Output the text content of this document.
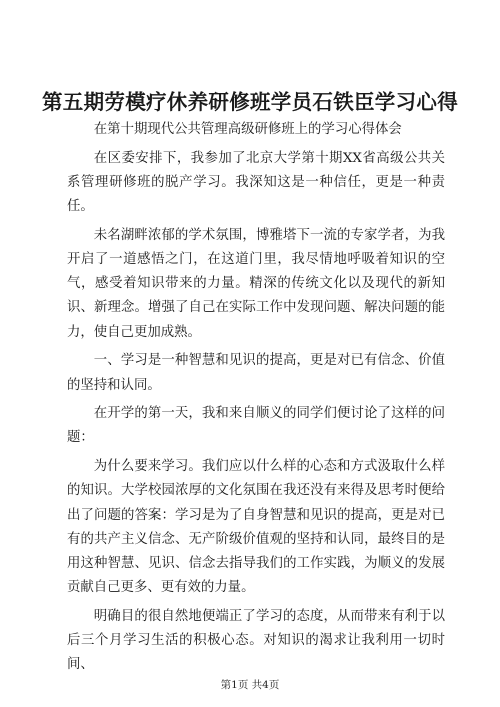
第五期劳模疗休养研修班学员石铁臣学习心得

在第十期现代公共管理高级研修班上的学习心得体会

在区委安排下，我参加了北京大学第十期XX省高级公共关系管理研修班的脱产学习。我深知这是一种信任，更是一种责任。

未名湖畔浓郁的学术氛围，博雅塔下一流的专家学者，为我开启了一道感悟之门，在这道门里，我尽情地呼吸着知识的空气，感受着知识带来的力量。精深的传统文化以及现代的新知识、新理念。增强了自己在实际工作中发现问题、解决问题的能力，使自己更加成熟。

一、学习是一种智慧和见识的提高，更是对已有信念、价值的坚持和认同。

在开学的第一天，我和来自顺义的同学们便讨论了这样的问题：

为什么要来学习。我们应以什么样的心态和方式汲取什么样的知识。大学校园浓厚的文化氛围在我还没有来得及思考时便给出了问题的答案：学习是为了自身智慧和见识的提高，更是对已有的共产主义信念、无产阶级价值观的坚持和认同，最终目的是用这种智慧、见识、信念去指导我们的工作实践，为顺义的发展贡献自己更多、更有效的力量。

明确目的很自然地便端正了学习的态度，从而带来有利于以后三个月学习生活的积极心态。对知识的渴求让我利用一切时间、

第1页 共4页
